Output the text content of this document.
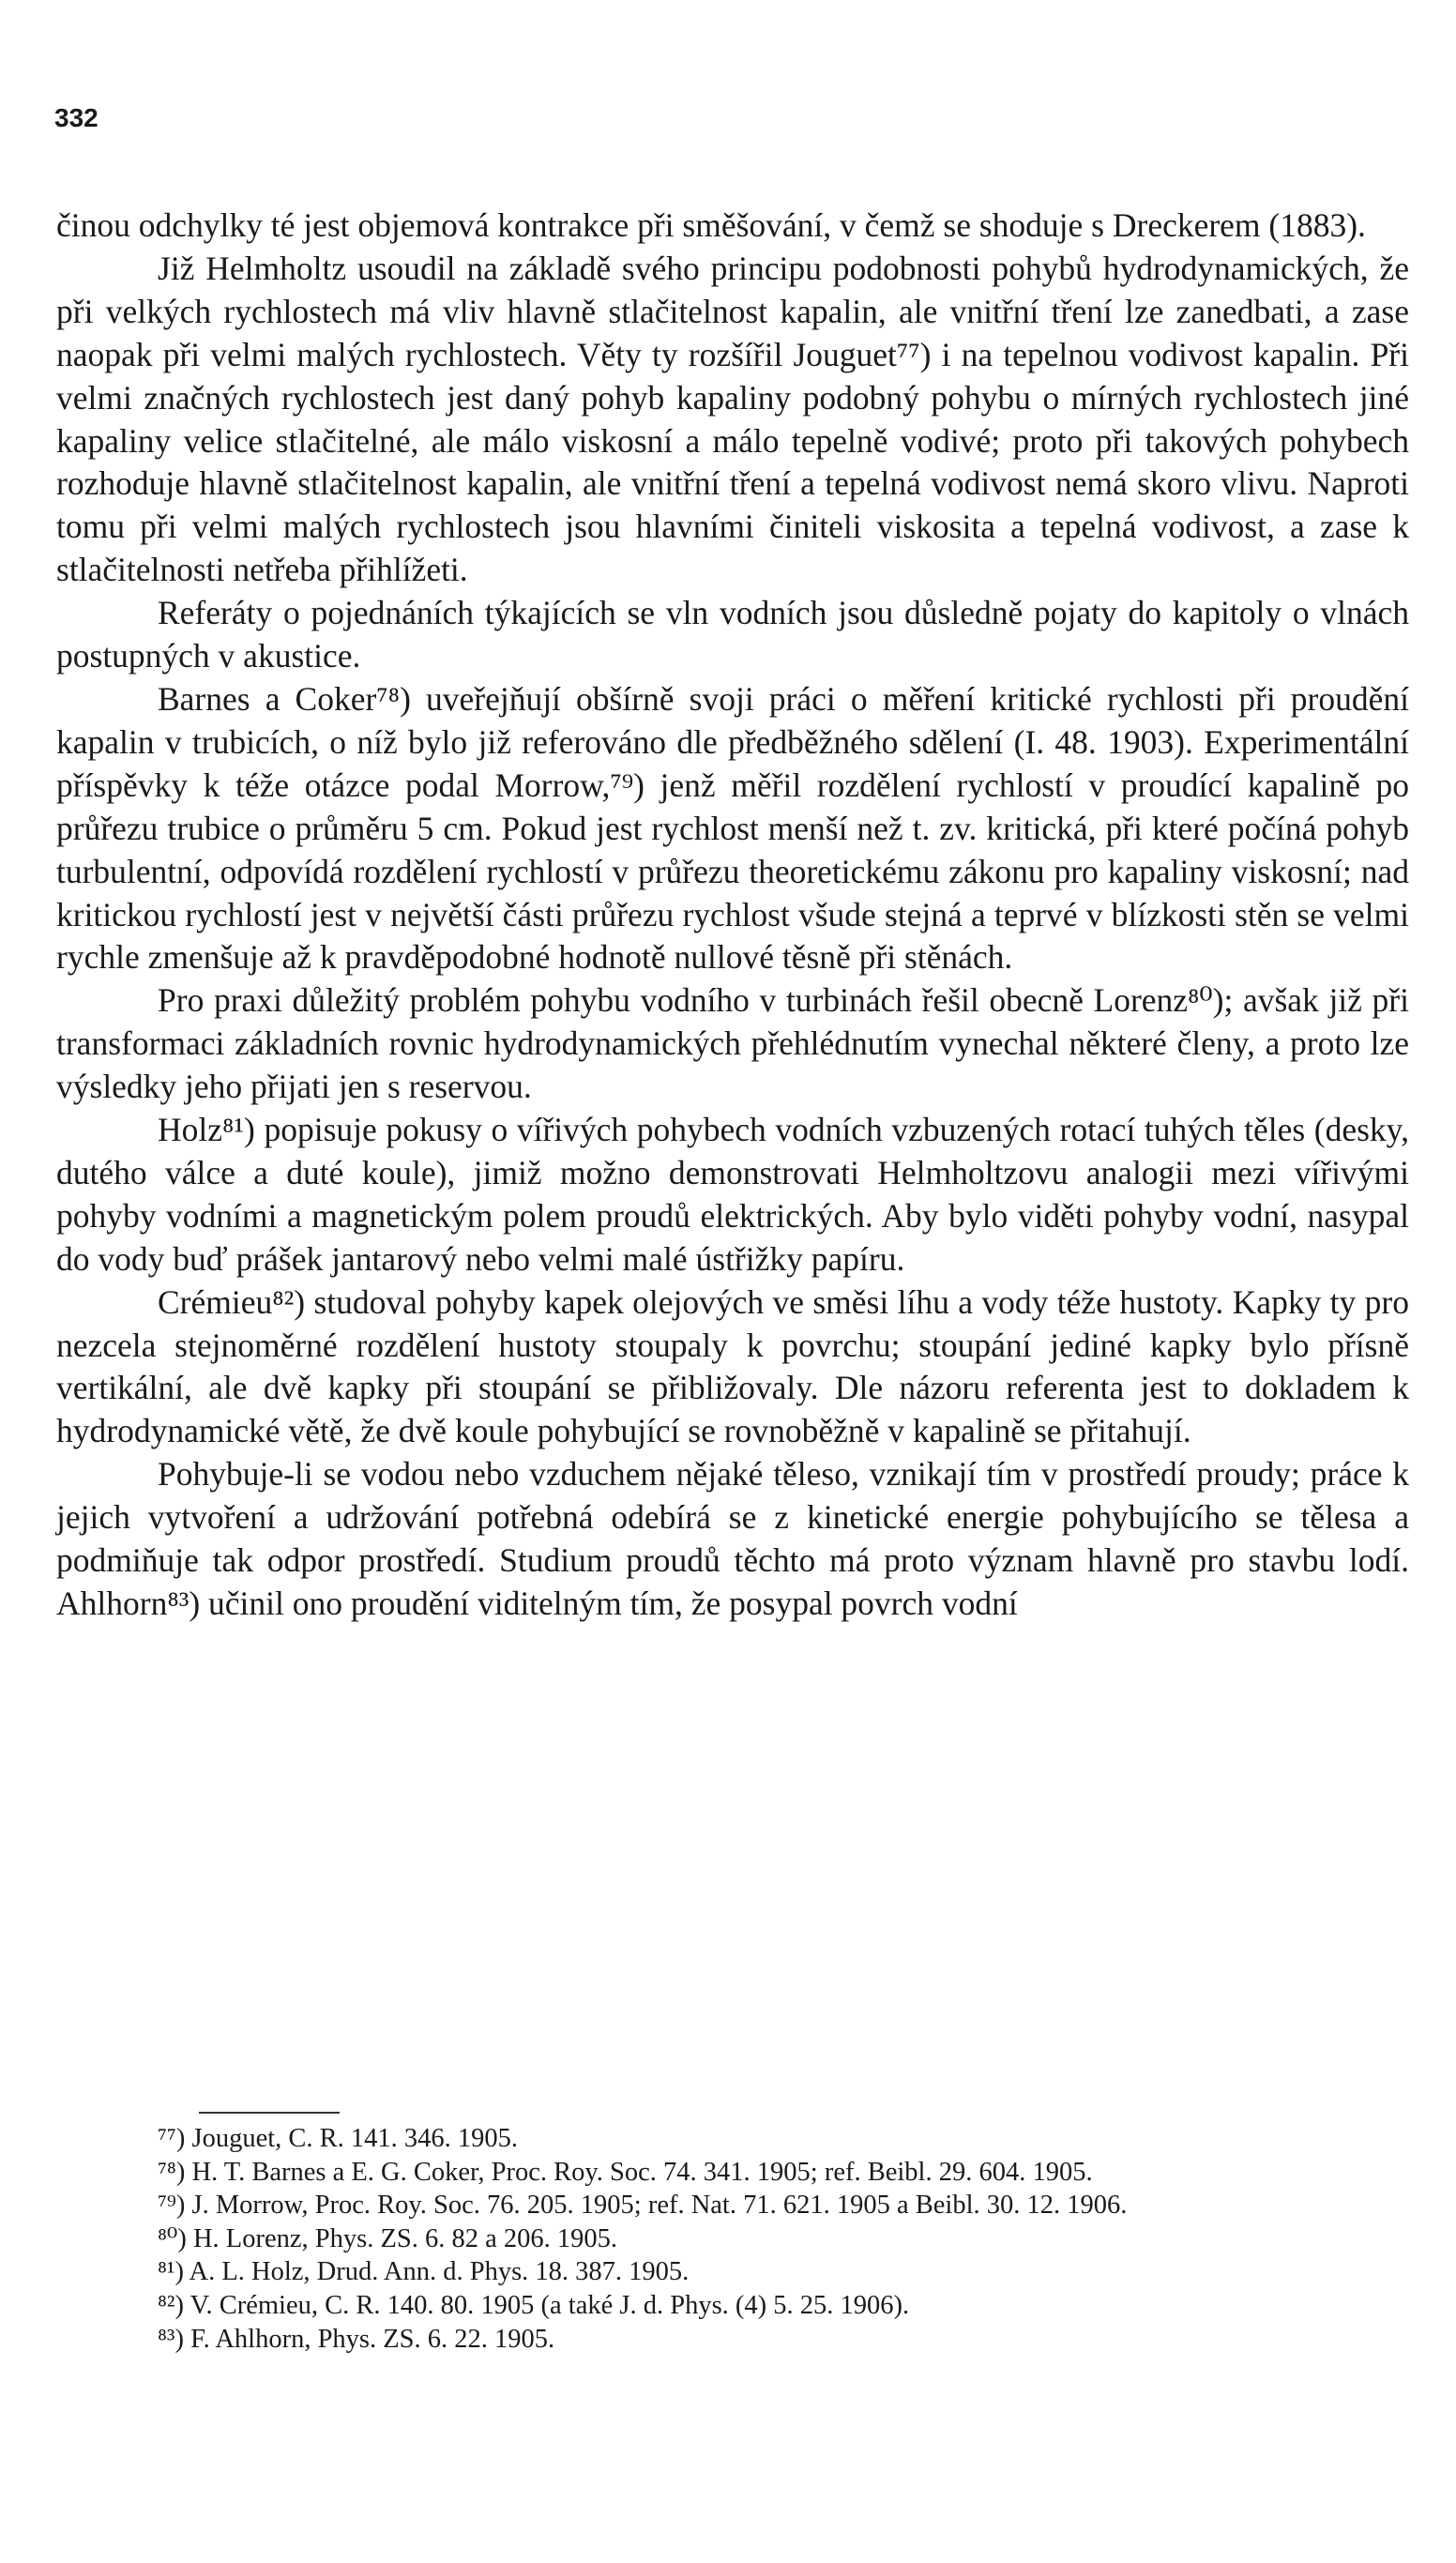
332

činou odchylky té jest objemová kontrakce při směšování, v čemž se shoduje s Dreckerem (1883).

Již Helmholtz usoudil na základě svého principu podobnosti pohybů hydrodynamických, že při velkých rychlostech má vliv hlavně stlačitelnost kapalin, ale vnitřní tření lze zanedbati, a zase naopak při velmi malých rychlostech. Věty ty rozšířil Jouguet⁷⁷) i na tepelnou vodivost kapalin. Při velmi značných rychlostech jest daný pohyb kapaliny podobný pohybu o mírných rychlostech jiné kapaliny velice stlačitelné, ale málo viskosní a málo tepelně vodivé; proto při takových pohybech rozhoduje hlavně stlačitelnost kapalin, ale vnitřní tření a tepelná vodivost nemá skoro vlivu. Naproti tomu při velmi malých rychlostech jsou hlavními činiteli viskosita a tepelná vodivost, a zase k stlačitelnosti netřeba přihlížeti.

Referáty o pojednáních týkajících se vln vodních jsou důsledně pojaty do kapitoly o vlnách postupných v akustice.

Barnes a Coker⁷⁸) uveřejňují obšírně svoji práci o měření kritické rychlosti při proudění kapalin v trubicích, o níž bylo již referováno dle předběžného sdělení (I. 48. 1903). Experimentální příspěvky k téže otázce podal Morrow,⁷⁹) jenž měřil rozdělení rychlostí v proudící kapalině po průřezu trubice o průměru 5 cm. Pokud jest rychlost menší než t. zv. kritická, při které počíná pohyb turbulentní, odpovídá rozdělení rychlostí v průřezu theoretickému zákonu pro kapaliny viskosní; nad kritickou rychlostí jest v největší části průřezu rychlost všude stejná a teprvé v blízkosti stěn se velmi rychle zmenšuje až k pravděpodobné hodnotě nullové těsně při stěnách.

Pro praxi důležitý problém pohybu vodního v turbinách řešil obecně Lorenz⁸⁰); avšak již při transformaci základních rovnic hydrodynamických přehlédnutím vynechal některé členy, a proto lze výsledky jeho přijati jen s reservou.

Holz⁸¹) popisuje pokusy o vířivých pohybech vodních vzbuzených rotací tuhých těles (desky, dutého válce a duté koule), jimiž možno demonstrovati Helmholtzovu analogii mezi vířivými pohyby vodními a magnetickým polem proudů elektrických. Aby bylo viděti pohyby vodní, nasypal do vody buď prášek jantarový nebo velmi malé ústřižky papíru.

Crémieu⁸²) studoval pohyby kapek olejových ve směsi líhu a vody téže hustoty. Kapky ty pro nezcela stejnoměrné rozdělení hustoty stoupaly k povrchu; stoupání jediné kapky bylo přísně vertikální, ale dvě kapky při stoupání se přibližovaly. Dle názoru referenta jest to dokladem k hydrodynamické větě, že dvě koule pohybující se rovnoběžně v kapalině se přitahují.

Pohybuje-li se vodou nebo vzduchem nějaké těleso, vznikají tím v prostředí proudy; práce k jejich vytvoření a udržování potřebná odebírá se z kinetické energie pohybujícího se tělesa a podmiňuje tak odpor prostředí. Studium proudů těchto má proto význam hlavně pro stavbu lodí. Ahlhorn⁸³) učinil ono proudění viditelným tím, že posypal povrch vodní

⁷⁷) Jouguet, C. R. 141. 346. 1905.

⁷⁸) H. T. Barnes a E. G. Coker, Proc. Roy. Soc. 74. 341. 1905; ref. Beibl. 29. 604. 1905.

⁷⁹) J. Morrow, Proc. Roy. Soc. 76. 205. 1905; ref. Nat. 71. 621. 1905 a Beibl. 30. 12. 1906.

⁸⁰) H. Lorenz, Phys. ZS. 6. 82 a 206. 1905.

⁸¹) A. L. Holz, Drud. Ann. d. Phys. 18. 387. 1905.

⁸²) V. Crémieu, C. R. 140. 80. 1905 (a také J. d. Phys. (4) 5. 25. 1906).

⁸³) F. Ahlhorn, Phys. ZS. 6. 22. 1905.
